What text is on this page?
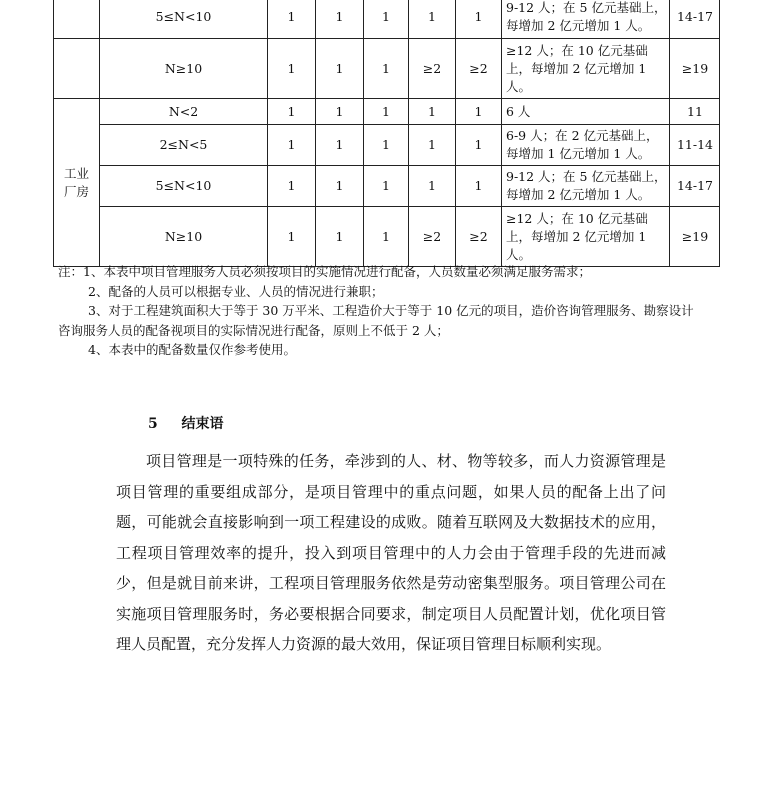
	5≤N<10	1	1	1	1	1	9-12 人；在 5 亿元基础上，
每增加 2 亿元增加 1 人。	14-17
	N≥10	1	1	1	≥2	≥2	≥12 人；在 10 亿元基础
上，每增加 2 亿元增加 1
人。	≥19

工业
厂房	N<2	1	1	1	1	1	6 人	11
	2≤N<5	1	1	1	1	1	6-9 人；在 2 亿元基础上，
每增加 1 亿元增加 1 人。	11-14
	5≤N<10	1	1	1	1	1	9-12 人；在 5 亿元基础上，
每增加 2 亿元增加 1 人。	14-17
	N≥10	1	1	1	≥2	≥2	≥12 人；在 10 亿元基础
上，每增加 2 亿元增加 1
人。	≥19

注：1、本表中项目管理服务人员必须按项目的实施情况进行配备，人员数量必须满足服务需求；

2、配备的人员可以根据专业、人员的情况进行兼职；

3、对于工程建筑面积大于等于 30 万平米、工程造价大于等于 10 亿元的项目，造价咨询管理服务、勘察设计咨询服务人员的配备视项目的实际情况进行配备，原则上不低于 2 人；

4、本表中的配备数量仅作参考使用。

5 结束语

项目管理是一项特殊的任务，牵涉到的人、材、物等较多，而人力资源管理是项目管理的重要组成部分，是项目管理中的重点问题，如果人员的配备上出了问题，可能就会直接影响到一项工程建设的成败。随着互联网及大数据技术的应用，工程项目管理效率的提升，投入到项目管理中的人力会由于管理手段的先进而减少，但是就目前来讲，工程项目管理服务依然是劳动密集型服务。项目管理公司在实施项目管理服务时，务必要根据合同要求，制定项目人员配置计划，优化项目管理人员配置，充分发挥人力资源的最大效用，保证项目管理目标顺利实现。
